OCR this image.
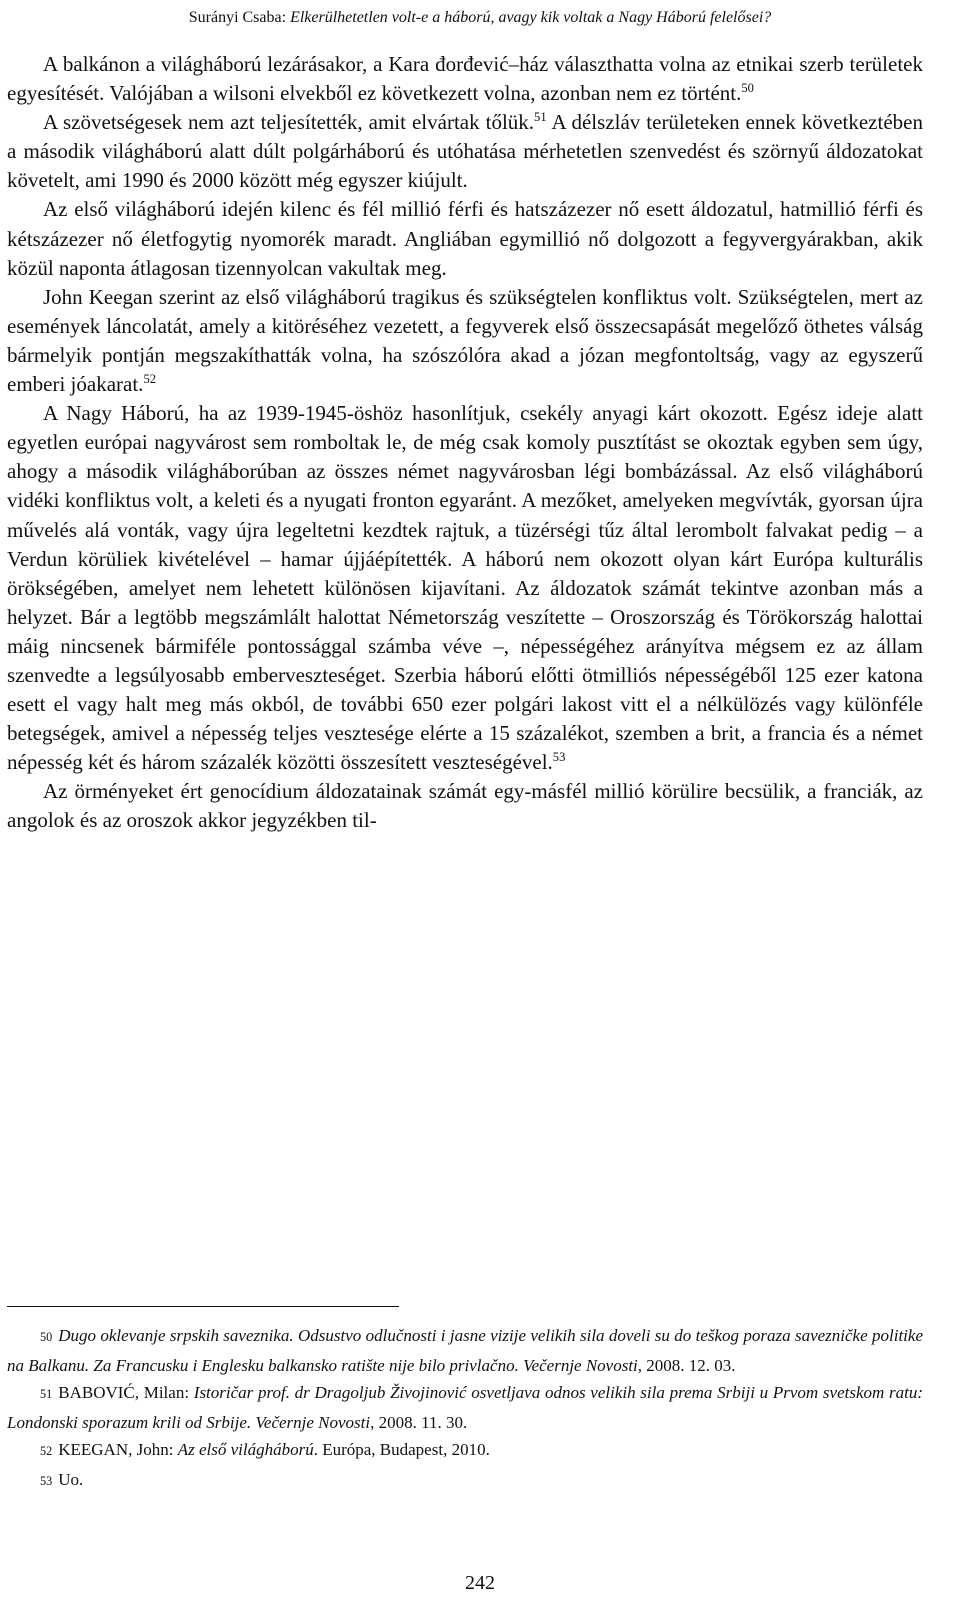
Surányi Csaba: Elkerülhetetlen volt-e a háború, avagy kik voltak a Nagy Háború felelősei?

A balkánon a világháború lezárásakor, a Kara đorđević–ház választhatta volna az etnikai szerb területek egyesítését. Valójában a wilsoni elvekből ez következett volna, azonban nem ez történt.$^{50}$

A szövetségesek nem azt teljesítették, amit elvártak tőlük.$^{51}$ A délszláv területeken ennek következtében a második világháború alatt dúlt polgárháború és utóhatása mérhetetlen szenvedést és szörnyű áldozatokat követelt, ami 1990 és 2000 között még egyszer kiújult.

Az első világháború idején kilenc és fél millió férfi és hatszázezer nő esett áldozatul, hatmillió férfi és kétszázezer nő életfogytig nyomorék maradt. Angliában egymillió nő dolgozott a fegyvergyárakban, akik közül naponta átlagosan tizennyolcan vakultak meg.

John Keegan szerint az első világháború tragikus és szükségtelen konfliktus volt. Szükségtelen, mert az események láncolatát, amely a kitöréséhez vezetett, a fegyverek első összecsapását megelőző öthetes válság bármelyik pontján megszakíthatták volna, ha szószólóra akad a józan megfontoltság, vagy az egyszerű emberi jóakarat.$^{52}$

A Nagy Háború, ha az 1939-1945-öshöz hasonlítjuk, csekély anyagi kárt okozott. Egész ideje alatt egyetlen európai nagyvárost sem romboltak le, de még csak komoly pusztítást se okoztak egyben sem úgy, ahogy a második világháborúban az összes német nagyvárosban légi bombázással. Az első világháború vidéki konfliktus volt, a keleti és a nyugati fronton egyaránt. A mezőket, amelyeken megvívták, gyorsan újra művelés alá vonták, vagy újra legeltetni kezdtek rajtuk, a tüzérségi tűz által lerombolt falvakat pedig – a Verdun körüliek kivételével – hamar újjáépítették. A háború nem okozott olyan kárt Európa kulturális örökségében, amelyet nem lehetett különösen kijavítani. Az áldozatok számát tekintve azonban más a helyzet. Bár a legtöbb megszámlált halottat Németország veszítette – Oroszország és Törökország halottai máig nincsenek bármiféle pontossággal számba véve –, népességéhez arányítva mégsem ez az állam szenvedte a legsúlyosabb emberveszteséget. Szerbia háború előtti ötmilliós népességéből 125 ezer katona esett el vagy halt meg más okból, de további 650 ezer polgári lakost vitt el a nélkülözés vagy különféle betegségek, amivel a népesség teljes vesztesége elérte a 15 százalékot, szemben a brit, a francia és a német népesség két és három százalék közötti összesített veszteségével.$^{53}$

Az örményeket ért genocídium áldozatainak számát egy-másfél millió körülire becsülik, a franciák, az angolok és az oroszok akkor jegyzékben til-

50 Dugo oklevanje srpskih saveznika. Odsustvo odlučnosti i jasne vizije velikih sila doveli su do teškog poraza savezničke politike na Balkanu. Za Francusku i Englesku balkansko ratište nije bilo privlačno. Večernje Novosti, 2008. 12. 03.

51 BABOVIĆ, Milan: Istoričar prof. dr Dragoljub Živojinović osvetljava odnos velikih sila prema Srbiji u Prvom svetskom ratu: Londonski sporazum krili od Srbije. Večernje Novosti, 2008. 11. 30.

52 KEEGAN, John: Az első világháború. Európa, Budapest, 2010.

53 Uo.

242
